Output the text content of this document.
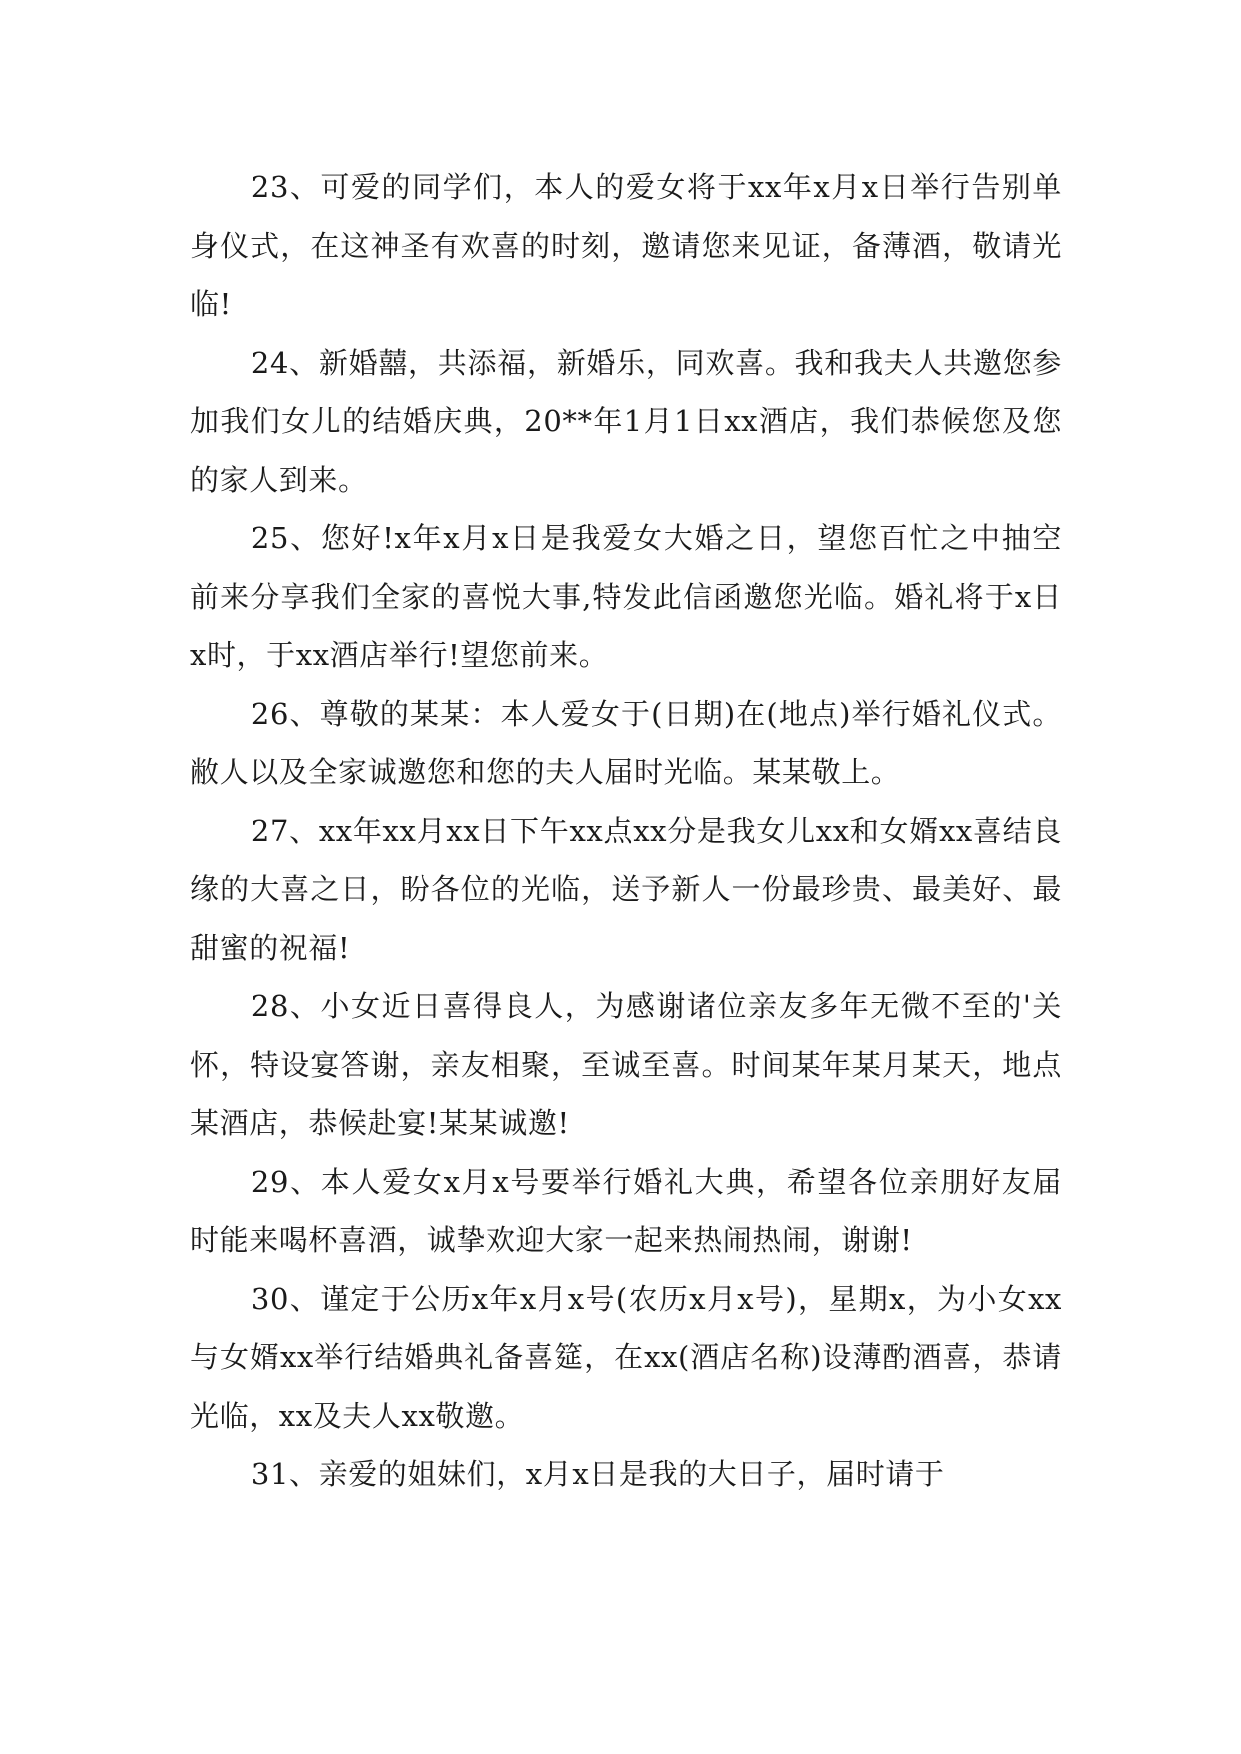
23、可爱的同学们，本人的爱女将于xx年x月x日举行告别单身仪式，在这神圣有欢喜的时刻，邀请您来见证，备薄酒，敬请光临!

24、新婚囍，共添福，新婚乐，同欢喜。我和我夫人共邀您参加我们女儿的结婚庆典，20**年1月1日xx酒店，我们恭候您及您的家人到来。

25、您好!x年x月x日是我爱女大婚之日，望您百忙之中抽空前来分享我们全家的喜悦大事,特发此信函邀您光临。婚礼将于x日x时，于xx酒店举行!望您前来。

26、尊敬的某某：本人爱女于(日期)在(地点)举行婚礼仪式。敝人以及全家诚邀您和您的夫人届时光临。某某敬上。

27、xx年xx月xx日下午xx点xx分是我女儿xx和女婿xx喜结良缘的大喜之日，盼各位的光临，送予新人一份最珍贵、最美好、最甜蜜的祝福!

28、小女近日喜得良人，为感谢诸位亲友多年无微不至的'关怀，特设宴答谢，亲友相聚，至诚至喜。时间某年某月某天，地点某酒店，恭候赴宴!某某诚邀!

29、本人爱女x月x号要举行婚礼大典，希望各位亲朋好友届时能来喝杯喜酒，诚挚欢迎大家一起来热闹热闹，谢谢!

30、谨定于公历x年x月x号(农历x月x号)，星期x，为小女xx与女婿xx举行结婚典礼备喜筵，在xx(酒店名称)设薄酌酒喜，恭请光临，xx及夫人xx敬邀。

31、亲爱的姐妹们，x月x日是我的大日子，届时请于
